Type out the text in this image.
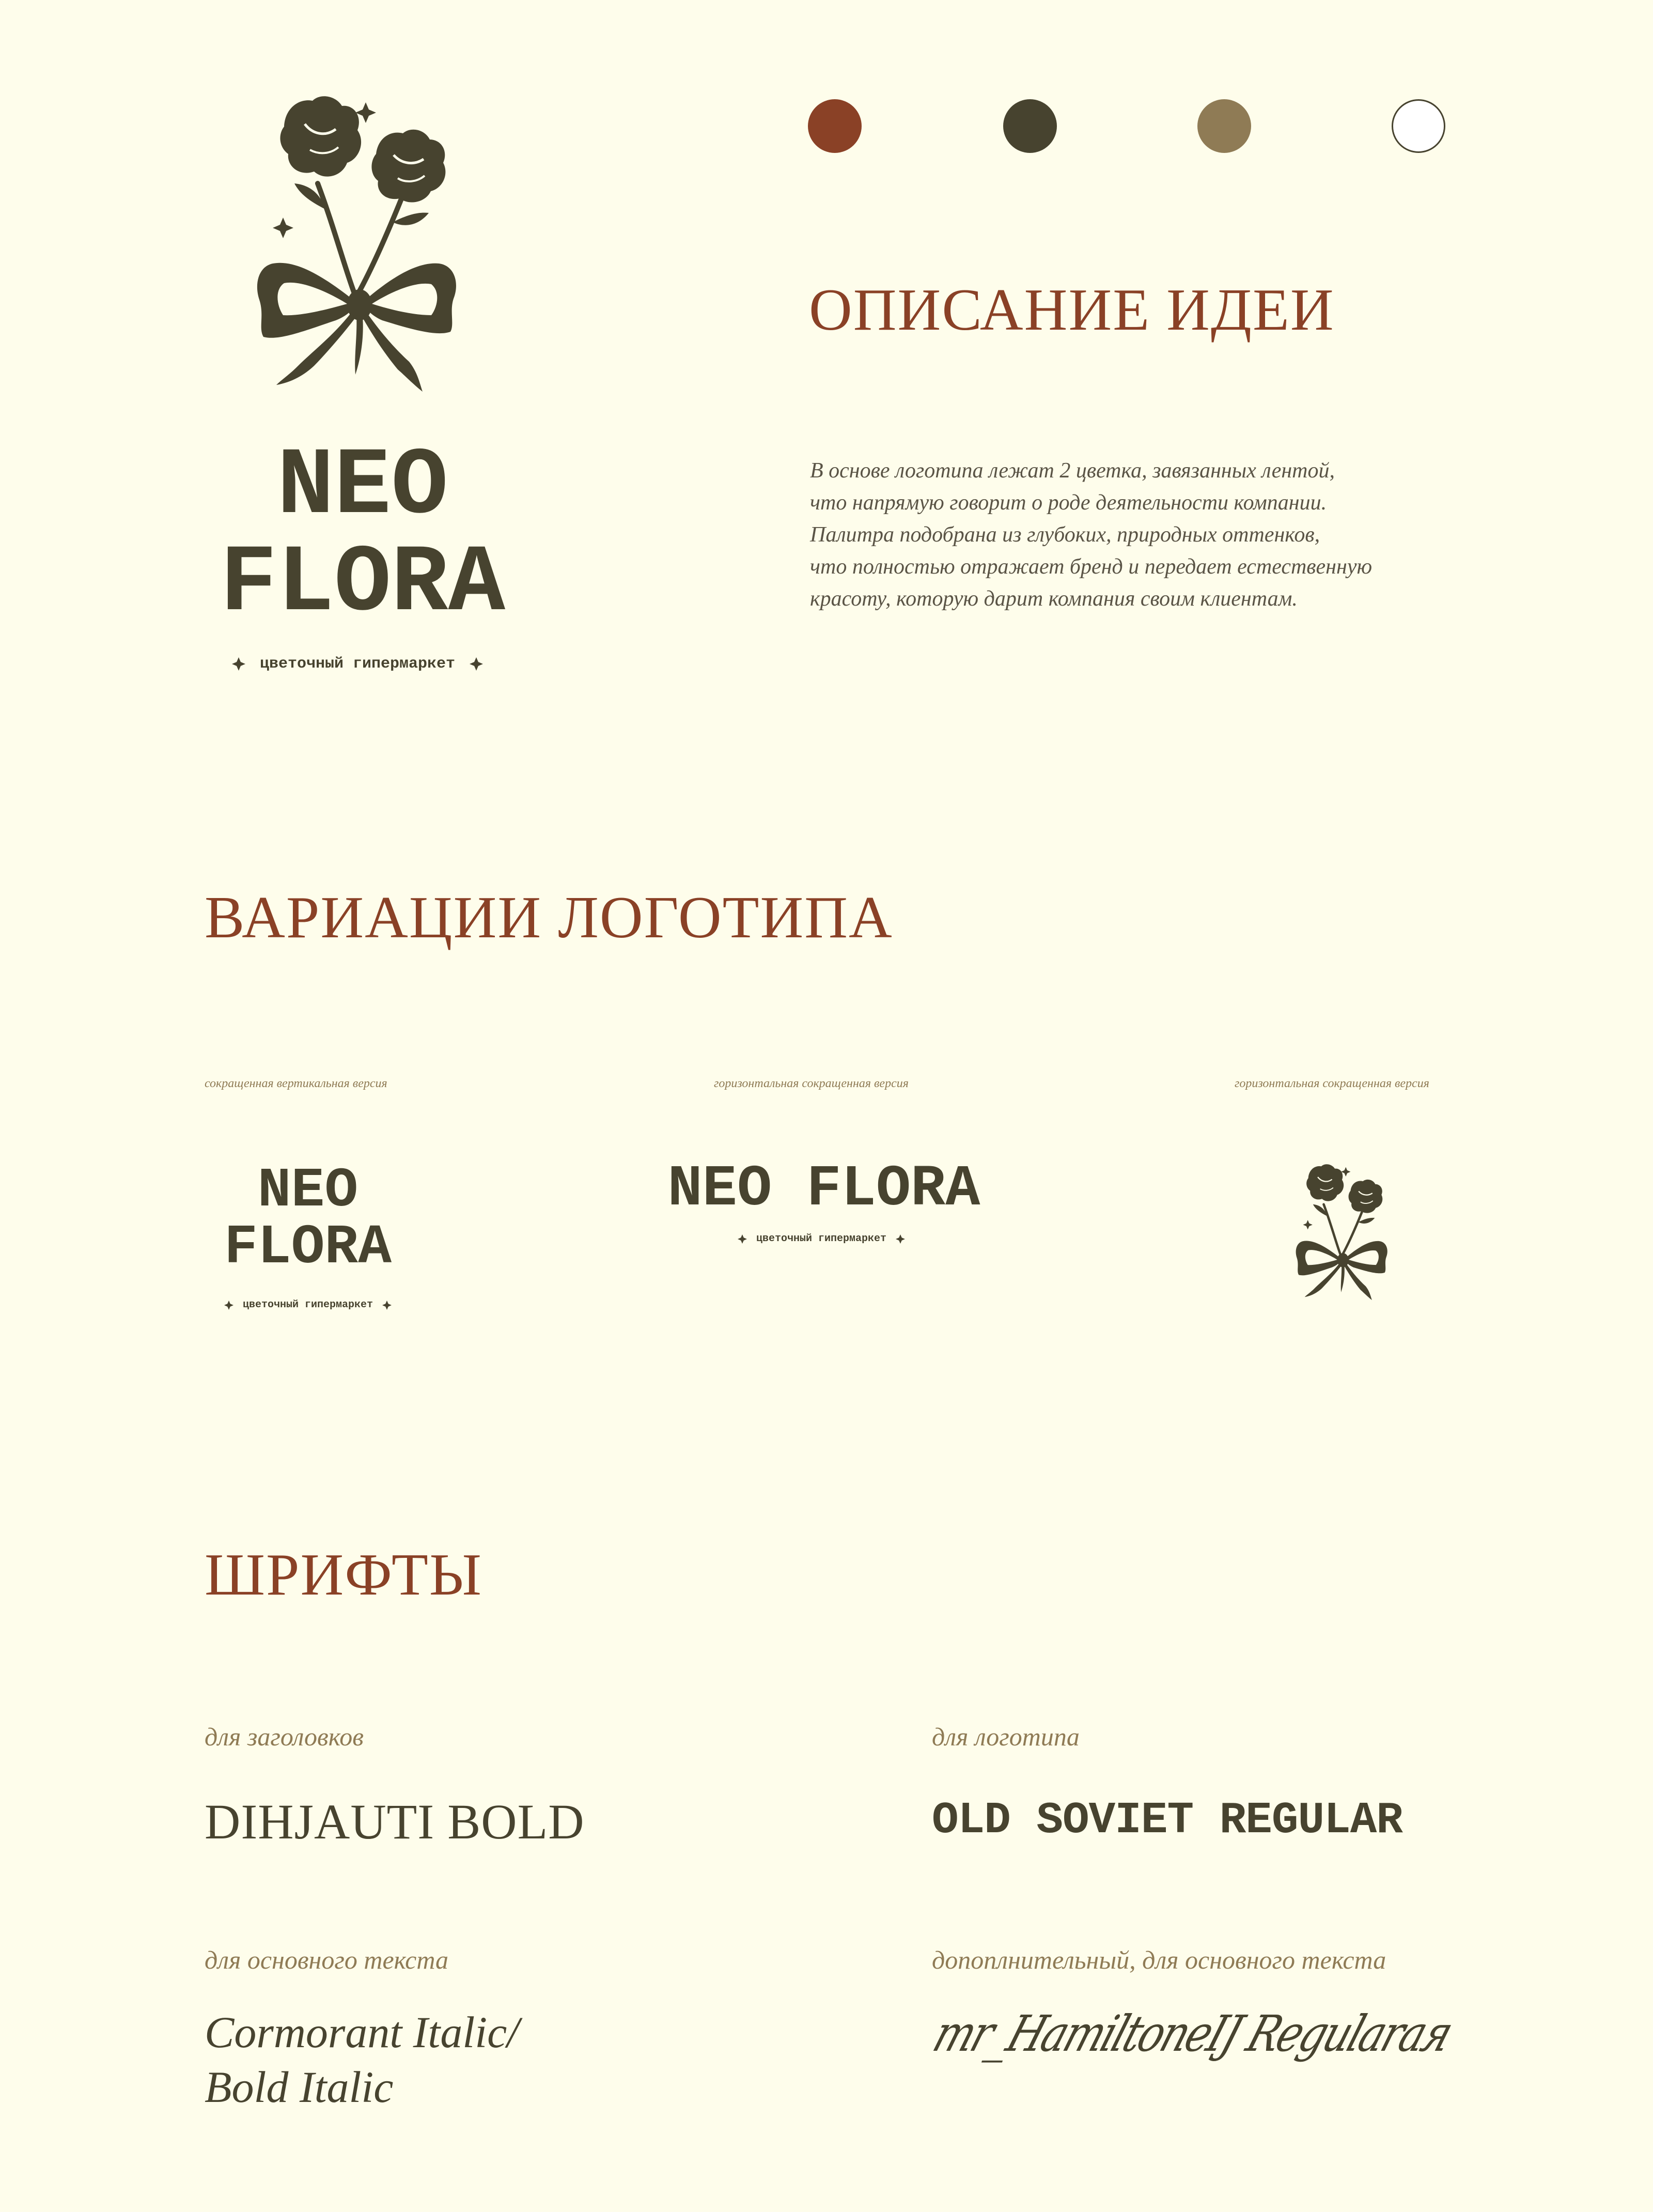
NEO
FLORA
цветочный гипермаркет
ОПИСАНИЕ ИДЕИ
В основе логотипа лежат 2 цветка, завязанных лентой,
что напрямую говорит о роде деятельности компании.
Палитра подобрана из глубоких, природных оттенков,
что полностью отражает бренд и передает естественную
красоту, которую дарит компания своим клиентам.
ВАРИАЦИИ ЛОГОТИПА
сокращенная вертикальная версия	горизонтальная сокращенная версия	горизонтальная сокращенная версия
NEO
FLORA
цветочный гипермаркет
NEO FLORA
цветочный гипермаркет
ШРИФТЫ
для заголовков
DIHJAUTI BOLD
для логотипа
OLD SOVIET REGULAR
для основного текста
Cormorant Italic/
Bold Italic
допоплнительный, для основного текста
mr_HamiltoneIJ Regularая
